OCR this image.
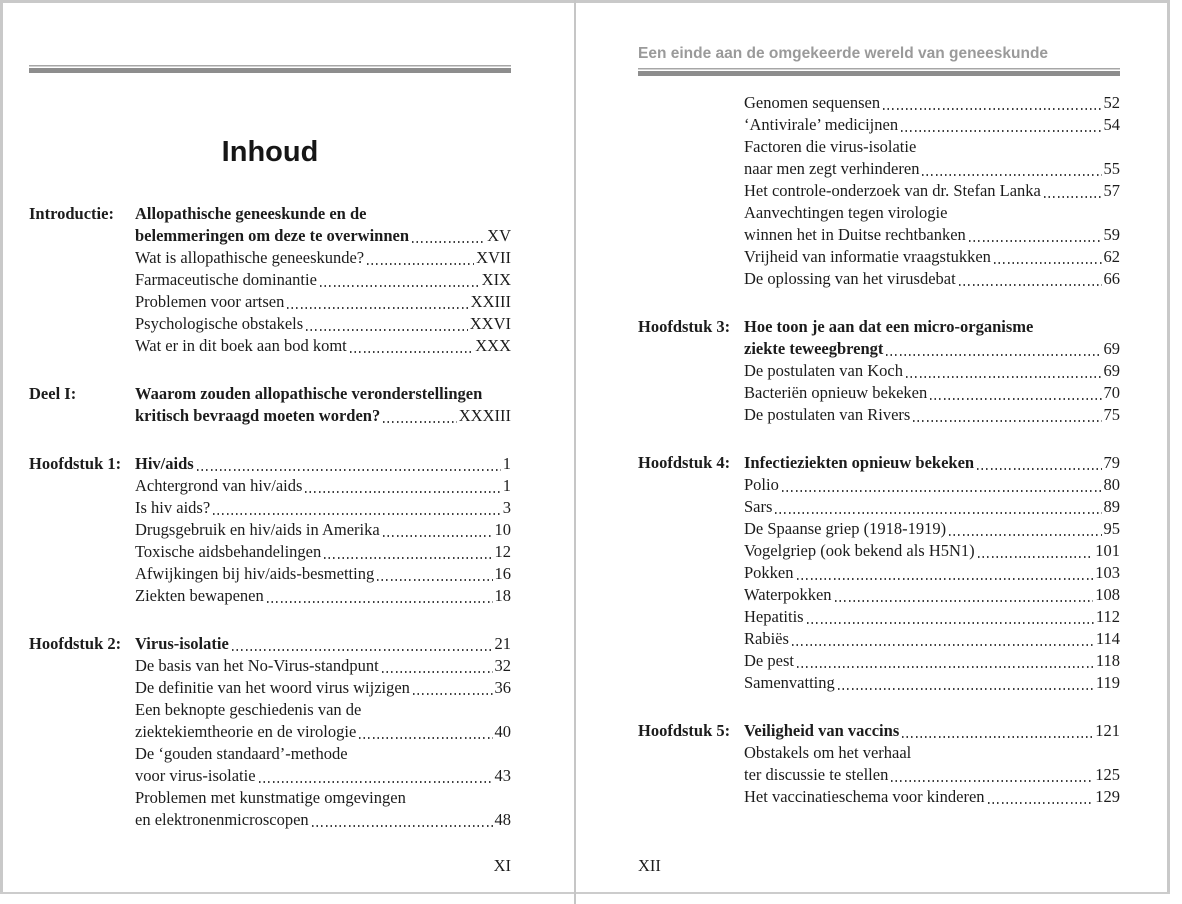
Inhoud
Introductie:	Allopathische geneeskunde en de
belemmeringen om deze te overwinnen	XV
Wat is allopathische geneeskunde?	XVII
Farmaceutische dominantie	XIX
Problemen voor artsen	XXIII
Psychologische obstakels	XXVI
Wat er in dit boek aan bod komt	XXX
Deel I:	Waarom zouden allopathische veronderstellingen
kritisch bevraagd moeten worden?	XXXIII
Hoofdstuk 1: Hiv/aids	1
Achtergrond van hiv/aids	1
Is hiv aids?	3
Drugsgebruik en hiv/aids in Amerika	10
Toxische aidsbehandelingen	12
Afwijkingen bij hiv/aids-besmetting	16
Ziekten bewapenen	18
Hoofdstuk 2: Virus-isolatie	21
De basis van het No-Virus-standpunt	32
De definitie van het woord virus wijzigen	36
Een beknopte geschiedenis van de
ziektekiemtheorie en de virologie	40
De ‘gouden standaard’-methode
voor virus-isolatie	43
Problemen met kunstmatige omgevingen
en elektronenmicroscopen	48
XI
Een einde aan de omgekeerde wereld van geneeskunde
Genomen sequensen	52
‘Antivirale’ medicijnen	54
Factoren die virus-isolatie
naar men zegt verhinderen	55
Het controle-onderzoek van dr. Stefan Lanka	57
Aanvechtingen tegen virologie
winnen het in Duitse rechtbanken	59
Vrijheid van informatie vraagstukken	62
De oplossing van het virusdebat	66
Hoofdstuk 3: Hoe toon je aan dat een micro-organisme
ziekte teweegbrengt	69
De postulaten van Koch	69
Bacteriën opnieuw bekeken	70
De postulaten van Rivers	75
Hoofdstuk 4: Infectieziekten opnieuw bekeken	79
Polio	80
Sars	89
De Spaanse griep (1918-1919)	95
Vogelgriep (ook bekend als H5N1)	101
Pokken	103
Waterpokken	108
Hepatitis	112
Rabiës	114
De pest	118
Samenvatting	119
Hoofdstuk 5: Veiligheid van vaccins	121
Obstakels om het verhaal
ter discussie te stellen	125
Het vaccinatieschema voor kinderen	129
XII
